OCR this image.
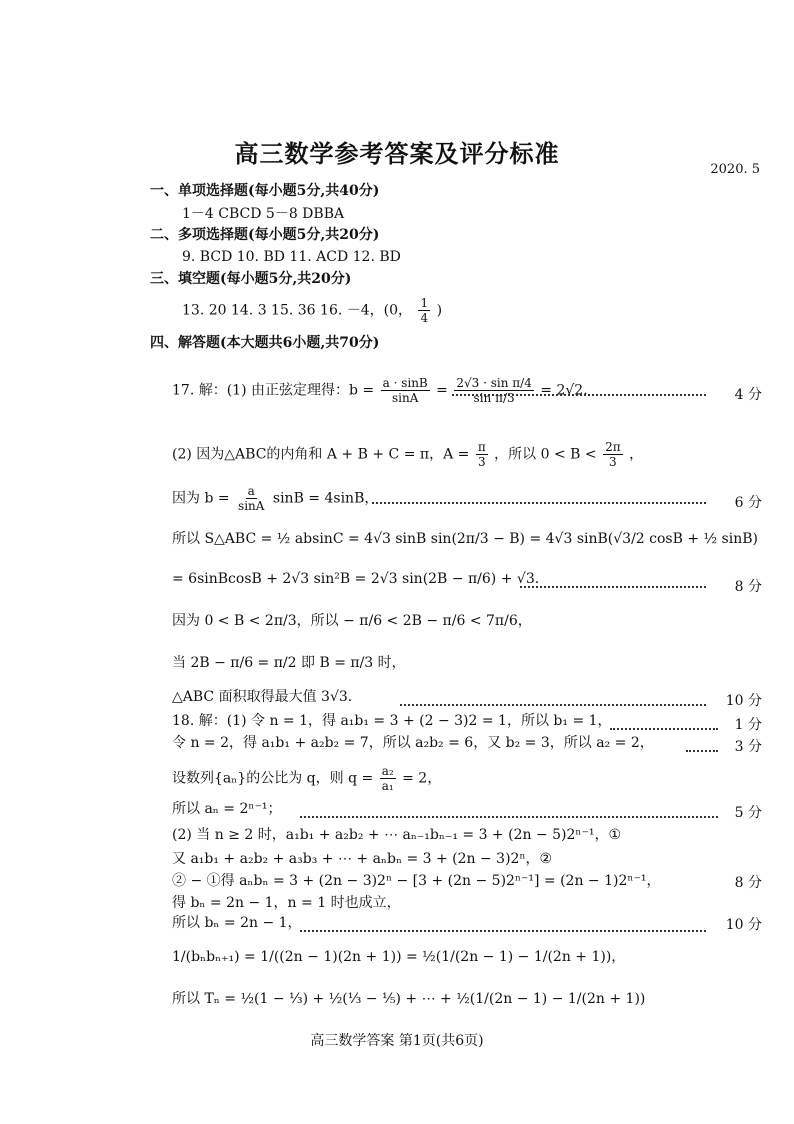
高三数学参考答案及评分标准
2020. 5
一、单项选择题(每小题5分,共40分)
1－4 CBCD 5－8 DBBA
二、多项选择题(每小题5分,共20分)
9. BCD 10. BD 11. ACD 12. BD
三、填空题(每小题5分,共20分)
13. 20 14. 3 15. 36 16. －4，(0， $\frac{1}{4}$ )
四、解答题(本大题共6小题,共70分)
17. 解：(1) 由正弦定理得：$b = \frac{a \cdot \sin B}{\sin A} = \frac{\text{2√3 · sin π/4}}{\text{sin π/3}} = 2√2$.	4 分
(2) 因为△ABC的内角和 A + B + C = π，$A = \frac{\pi}{3}$ ，所以 $0 < B < \frac{2\pi}{3}$ ，
因为 $b = \frac{a}{\sin A}$ sinB = 4sinB，	6 分
所以 S△ABC = ½ absinC = 4√3 sinB sin(2π/3 − B) = 4√3 sinB(√3/2 cosB + ½ sinB)
= 6sinBcosB + 2√3 sin²B = 2√3 sin(2B − π/6) + √3.	8 分
因为 0 < B < 2π/3，所以 − π/6 < 2B − π/6 < 7π/6，
当 2B − π/6 = π/2 即 B = π/3 时，
△ABC 面积取得最大值 3√3.	10 分
18. 解：(1) 令 n = 1，得 a₁b₁ = 3 + (2 − 3)2 = 1，所以 b₁ = 1，	1 分
令 n = 2，得 a₁b₁ + a₂b₂ = 7，所以 a₂b₂ = 6，又 b₂ = 3，所以 a₂ = 2，	3 分
设数列{aₙ}的公比为 q，则 $q = \frac{\text{a₂}}{\text{a₁}} = 2$，
所以 aₙ = 2ⁿ⁻¹；	5 分
(2) 当 n ≥ 2 时，a₁b₁ + a₂b₂ + ⋯ aₙ₋₁bₙ₋₁ = 3 + (2n − 5)2ⁿ⁻¹，①
又 a₁b₁ + a₂b₂ + a₃b₃ + ⋯ + aₙbₙ = 3 + (2n − 3)2ⁿ，②
② − ①得 aₙbₙ = 3 + (2n − 3)2ⁿ − [3 + (2n − 5)2ⁿ⁻¹] = (2n − 1)2ⁿ⁻¹，	8 分
得 bₙ = 2n − 1，n = 1 时也成立，
所以 bₙ = 2n − 1，	10 分
1/(bₙbₙ₊₁) = 1/((2n − 1)(2n + 1)) = ½(1/(2n − 1) − 1/(2n + 1))，
所以 Tₙ = ½(1 − ⅓) + ½(⅓ − ⅕) + ⋯ + ½(1/(2n − 1) − 1/(2n + 1))
高三数学答案 第1页(共6页)
